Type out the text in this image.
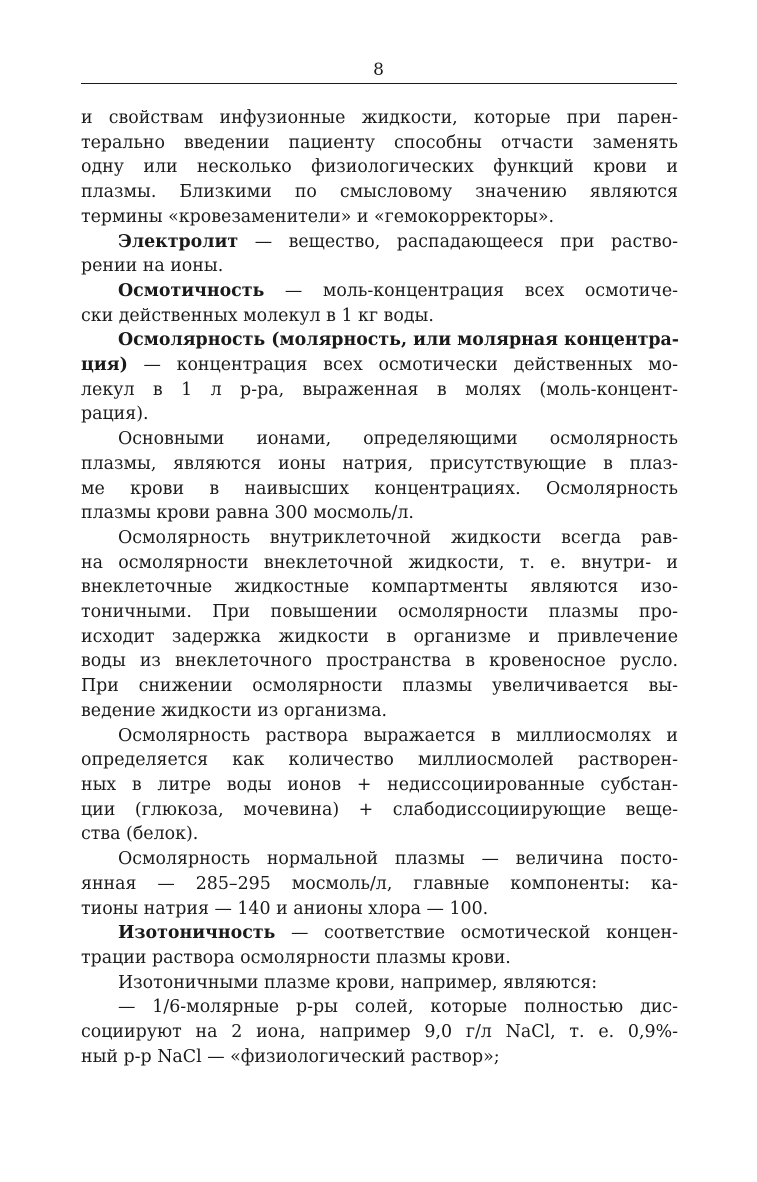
8
и свойствам инфузионные жидкости, которые при парен-
терально введении пациенту способны отчасти заменять
одну или несколько физиологических функций крови и
плазмы. Близкими по смысловому значению являются
термины «кровезаменители» и «гемокорректоры».
Электролит — вещество, распадающееся при раство-
рении на ионы.
Осмотичность — моль-концентрация всех осмотиче-
ски действенных молекул в 1 кг воды.
Осмолярность (молярность, или молярная концентра-
ция) — концентрация всех осмотически действенных мо-
лекул в 1 л р-ра, выраженная в молях (моль-концент-
рация).
Основными ионами, определяющими осмолярность
плазмы, являются ионы натрия, присутствующие в плаз-
ме крови в наивысших концентрациях. Осмолярность
плазмы крови равна 300 мосмоль/л.
Осмолярность внутриклеточной жидкости всегда рав-
на осмолярности внеклеточной жидкости, т. е. внутри- и
внеклеточные жидкостные компартменты являются изо-
тоничными. При повышении осмолярности плазмы про-
исходит задержка жидкости в организме и привлечение
воды из внеклеточного пространства в кровеносное русло.
При снижении осмолярности плазмы увеличивается вы-
ведение жидкости из организма.
Осмолярность раствора выражается в миллиосмолях и
определяется как количество миллиосмолей растворен-
ных в литре воды ионов + недиссоциированные субстан-
ции (глюкоза, мочевина) + слабодиссоциирующие веще-
ства (белок).
Осмолярность нормальной плазмы — величина посто-
янная — 285–295 мосмоль/л, главные компоненты: ка-
тионы натрия — 140 и анионы хлора — 100.
Изотоничность — соответствие осмотической концен-
трации раствора осмолярности плазмы крови.
Изотоничными плазме крови, например, являются:
— 1/6-молярные р-ры солей, которые полностью дис-
социируют на 2 иона, например 9,0 г/л NaCl, т. е. 0,9%-
ный р-р NaCl — «физиологический раствор»;
